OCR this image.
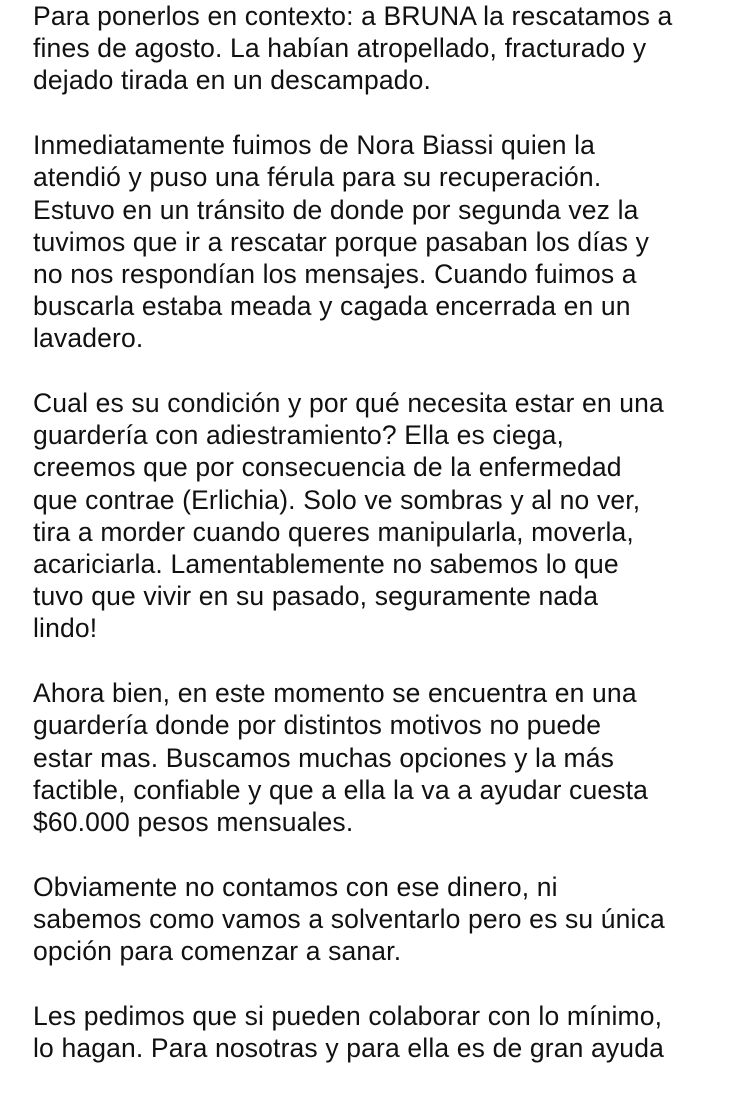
Para ponerlos en contexto: a BRUNA la rescatamos a
fines de agosto. La habían atropellado, fracturado y
dejado tirada en un descampado.

Inmediatamente fuimos de Nora Biassi quien la
atendió y puso una férula para su recuperación.
Estuvo en un tránsito de donde por segunda vez la
tuvimos que ir a rescatar porque pasaban los días y
no nos respondían los mensajes. Cuando fuimos a
buscarla estaba meada y cagada encerrada en un
lavadero.

Cual es su condición y por qué necesita estar en una
guardería con adiestramiento? Ella es ciega,
creemos que por consecuencia de la enfermedad
que contrae (Erlichia). Solo ve sombras y al no ver,
tira a morder cuando queres manipularla, moverla,
acariciarla. Lamentablemente no sabemos lo que
tuvo que vivir en su pasado, seguramente nada
lindo!

Ahora bien, en este momento se encuentra en una
guardería donde por distintos motivos no puede
estar mas. Buscamos muchas opciones y la más
factible, confiable y que a ella la va a ayudar cuesta
$60.000 pesos mensuales.

Obviamente no contamos con ese dinero, ni
sabemos como vamos a solventarlo pero es su única
opción para comenzar a sanar.

Les pedimos que si pueden colaborar con lo mínimo,
lo hagan. Para nosotras y para ella es de gran ayuda
